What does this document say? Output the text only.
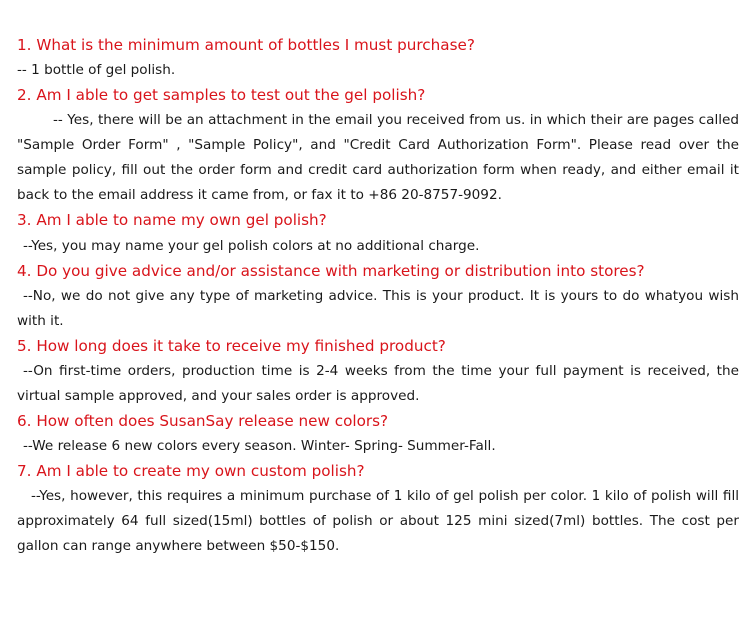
1. What is the minimum amount of bottles I must purchase?
-- 1 bottle of gel polish.
2. Am I able to get samples to test out the gel polish?
-- Yes, there will be an attachment in the email you received from us. in which their are pages called "Sample Order Form" , "Sample Policy", and "Credit Card Authorization Form". Please read over the sample policy, fill out the order form and credit card authorization form when ready, and either email it back to the email address it came from, or fax it to +86 20-8757-9092.
3. Am I able to name my own gel polish?
--Yes, you may name your gel polish colors at no additional charge.
4. Do you give advice and/or assistance with marketing or distribution into stores?
--No, we do not give any type of marketing advice. This is your product. It is yours to do whatyou wish with it.
5. How long does it take to receive my finished product?
--On first-time orders, production time is 2-4 weeks from the time your full payment is received, the virtual sample approved, and your sales order is approved.
6. How often does SusanSay release new colors?
--We release 6 new colors every season. Winter- Spring- Summer-Fall.
7. Am I able to create my own custom polish?
--Yes, however, this requires a minimum purchase of 1 kilo of gel polish per color. 1 kilo of polish will fill approximately 64 full sized(15ml) bottles of polish or about 125 mini sized(7ml) bottles. The cost per gallon can range anywhere between $50-$150.
